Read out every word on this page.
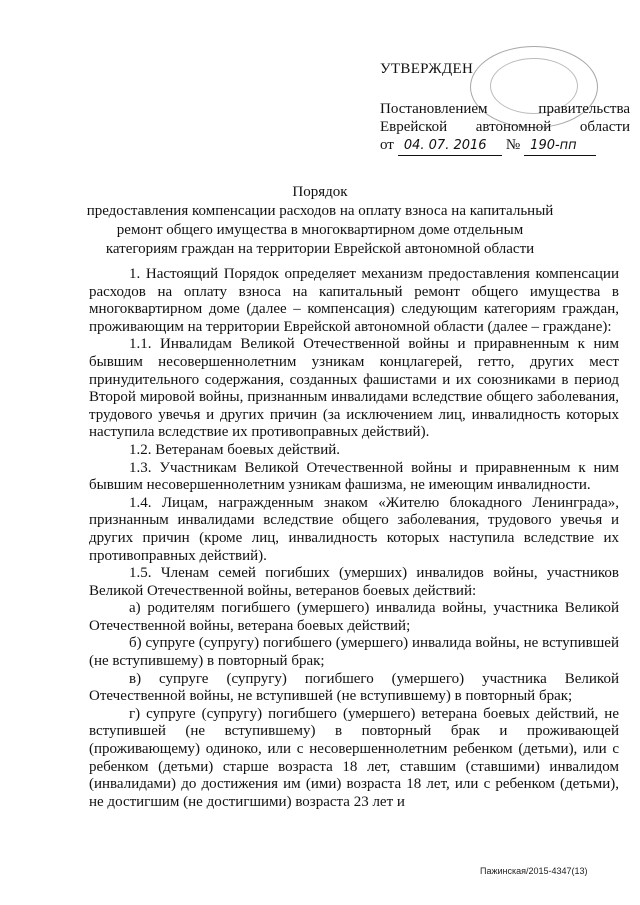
УТВЕРЖДЕН
Постановлением правительства
Еврейской автономной области
от 04. 07. 2016	№ 190-пп
Порядок
предоставления компенсации расходов на оплату взноса на капитальный ремонт общего имущества в многоквартирном доме отдельным категориям граждан на территории Еврейской автономной области

1. Настоящий Порядок определяет механизм предоставления компенсации расходов на оплату взноса на капитальный ремонт общего имущества в многоквартирном доме (далее – компенсация) следующим категориям граждан, проживающим на территории Еврейской автономной области (далее – граждане):

1.1. Инвалидам Великой Отечественной войны и приравненным к ним бывшим несовершеннолетним узникам концлагерей, гетто, других мест принудительного содержания, созданных фашистами и их союзниками в период Второй мировой войны, признанным инвалидами вследствие общего заболевания, трудового увечья и других причин (за исключением лиц, инвалидность которых наступила вследствие их противоправных действий).

1.2. Ветеранам боевых действий.

1.3. Участникам Великой Отечественной войны и приравненным к ним бывшим несовершеннолетним узникам фашизма, не имеющим инвалидности.

1.4. Лицам, награжденным знаком «Жителю блокадного Ленинграда», признанным инвалидами вследствие общего заболевания, трудового увечья и других причин (кроме лиц, инвалидность которых наступила вследствие их противоправных действий).

1.5. Членам семей погибших (умерших) инвалидов войны, участников Великой Отечественной войны, ветеранов боевых действий:

а) родителям погибшего (умершего) инвалида войны, участника Великой Отечественной войны, ветерана боевых действий;

б) супруге (супругу) погибшего (умершего) инвалида войны, не вступившей (не вступившему) в повторный брак;

в) супруге (супругу) погибшего (умершего) участника Великой Отечественной войны, не вступившей (не вступившему) в повторный брак;

г) супруге (супругу) погибшего (умершего) ветерана боевых действий, не вступившей (не вступившему) в повторный брак и проживающей (проживающему) одиноко, или с несовершеннолетним ребенком (детьми), или с ребенком (детьми) старше возраста 18 лет, ставшим (ставшими) инвалидом (инвалидами) до достижения им (ими) возраста 18 лет, или с ребенком (детьми), не достигшим (не достигшими) возраста 23 лет и

Пажинская/2015-4347(13)
